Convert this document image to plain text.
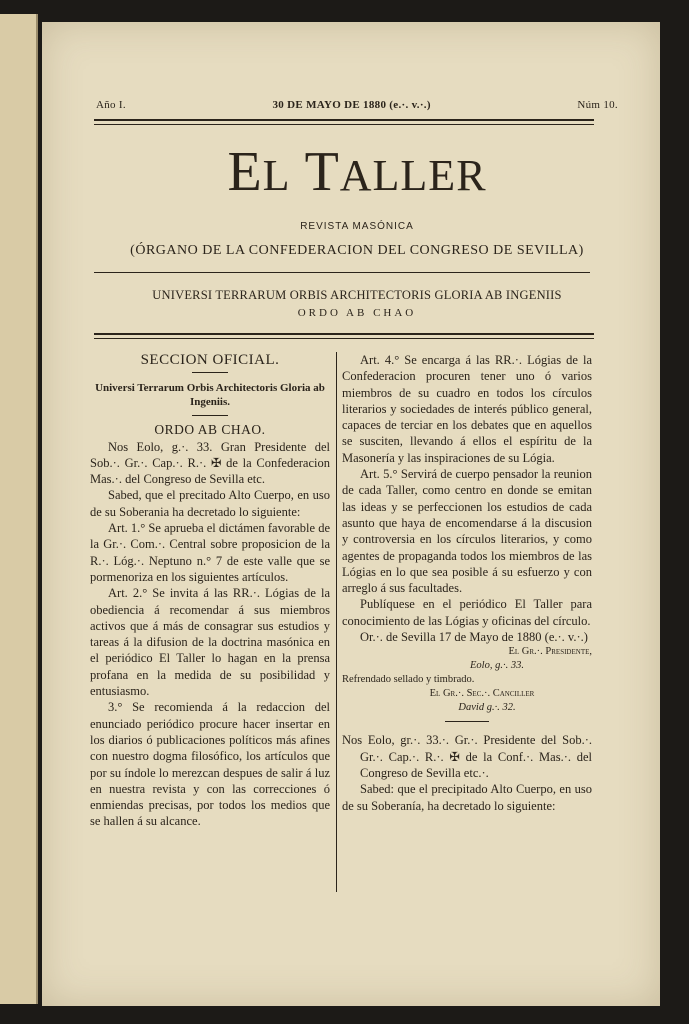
Año I.	30 DE MAYO DE 1880 (e.·. v.·.)	Núm 10.
EL TALLER
REVISTA MASÓNICA
(ÓRGANO DE LA CONFEDERACION DEL CONGRESO DE SEVILLA)
UNIVERSI TERRARUM ORBIS ARCHITECTORIS GLORIA AB INGENIIS
ORDO AB CHAO

SECCION OFICIAL.

Universi Terrarum Orbis Architectoris Gloria ab Ingeniis.

ORDO AB CHAO.

Nos Eolo, g.·. 33. Gran Presidente del Sob.·. Gr.·. Cap.·. R.·. ✠ de la Confederacion Mas.·. del Congreso de Sevilla etc.

Sabed, que el precitado Alto Cuerpo, en uso de su Soberania ha decretado lo siguiente:

Art. 1.° Se aprueba el dictámen favorable de la Gr.·. Com.·. Central sobre proposicion de la R.·. Lóg.·. Neptuno n.° 7 de este valle que se pormenoriza en los siguientes artículos.

Art. 2.° Se invita á las RR.·. Lógias de la obediencia á recomendar á sus miembros activos que á más de consagrar sus estudios y tareas á la difusion de la doctrina masónica en el periódico El Taller lo hagan en la prensa profana en la medida de su posibilidad y entusiasmo.

3.° Se recomienda á la redaccion del enunciado periódico procure hacer insertar en los diarios ó publicaciones políticos más afines con nuestro dogma filosófico, los artículos que por su índole lo merezcan despues de salir á luz en nuestra revista y con las correcciones ó enmiendas precisas, por todos los medios que se hallen á su alcance.

Art. 4.° Se encarga á las RR.·. Lógias de la Confederacion procuren tener uno ó varios miembros de su cuadro en todos los círculos literarios y sociedades de interés público general, capaces de terciar en los debates que en aquellos se susciten, llevando á ellos el espíritu de la Masonería y las inspiraciones de su Lógia.

Art. 5.° Servirá de cuerpo pensador la reunion de cada Taller, como centro en donde se emitan las ideas y se perfeccionen los estudios de cada asunto que haya de encomendarse á la discusion y controversia en los círculos literarios, y como agentes de propaganda todos los miembros de las Lógias en lo que sea posible á su esfuerzo y con arreglo á sus facultades.

Publíquese en el periódico El Taller para conocimiento de las Lógias y oficinas del círculo.

Or.·. de Sevilla 17 de Mayo de 1880 (e.·. v.·.)

El Gr.·. Presidente,

Eolo, g.·. 33.

Refrendado sellado y timbrado.

El Gr.·. Sec.·. Canciller

David g.·. 32.

Nos Eolo, gr.·. 33.·. Gr.·. Presidente del Sob.·. Gr.·. Cap.·. R.·. ✠ de la Conf.·. Mas.·. del Congreso de Sevilla etc.·.

Sabed: que el precipitado Alto Cuerpo, en uso de su Soberanía, ha decretado lo siguiente:
